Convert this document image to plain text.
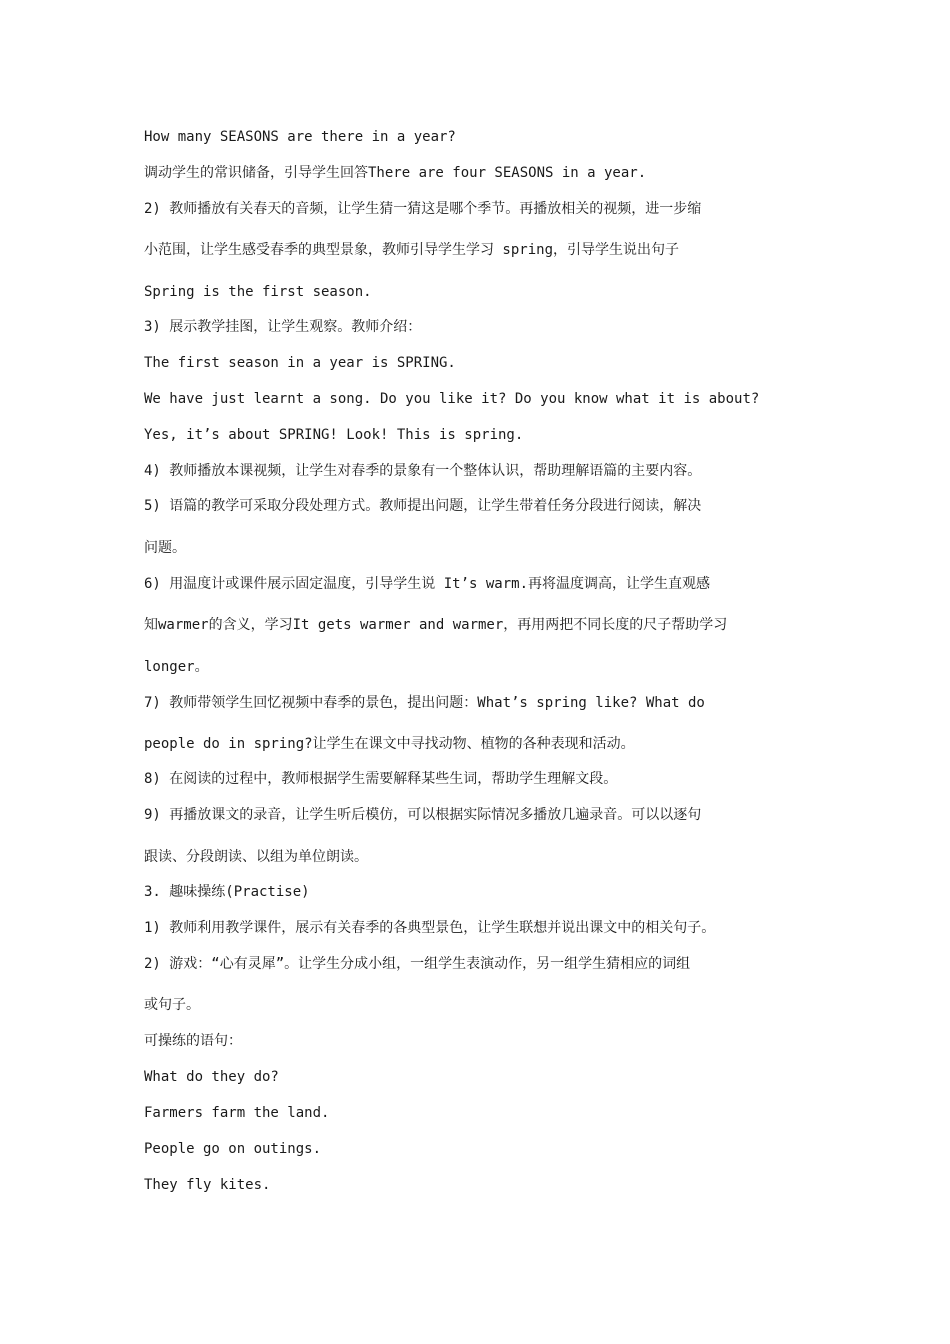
How many SEASONS are there in a year?
调动学生的常识储备，引导学生回答There are four SEASONS in a year.
2) 教师播放有关春天的音频，让学生猜一猜这是哪个季节。再播放相关的视频，进一步缩
小范围，让学生感受春季的典型景象，教师引导学生学习 spring，引导学生说出句子
Spring is the first season.
3) 展示教学挂图，让学生观察。教师介绍：
The first season in a year is SPRING.
We have just learnt a song. Do you like it? Do you know what it is about?
Yes, it’s about SPRING! Look! This is spring.
4) 教师播放本课视频，让学生对春季的景象有一个整体认识，帮助理解语篇的主要内容。
5) 语篇的教学可采取分段处理方式。教师提出问题，让学生带着任务分段进行阅读，解决
问题。
6) 用温度计或课件展示固定温度，引导学生说 It’s warm.再将温度调高，让学生直观感
知warmer的含义，学习It gets warmer and warmer，再用两把不同长度的尺子帮助学习
longer。
7) 教师带领学生回忆视频中春季的景色，提出问题：What’s spring like? What do
people do in spring?让学生在课文中寻找动物、植物的各种表现和活动。
8) 在阅读的过程中，教师根据学生需要解释某些生词，帮助学生理解文段。
9) 再播放课文的录音，让学生听后模仿，可以根据实际情况多播放几遍录音。可以以逐句
跟读、分段朗读、以组为单位朗读。
3. 趣味操练(Practise)
1) 教师利用教学课件，展示有关春季的各典型景色，让学生联想并说出课文中的相关句子。
2) 游戏：“心有灵犀”。让学生分成小组，一组学生表演动作，另一组学生猜相应的词组
或句子。
可操练的语句：
What do they do?
Farmers farm the land.
People go on outings.
They fly kites.
